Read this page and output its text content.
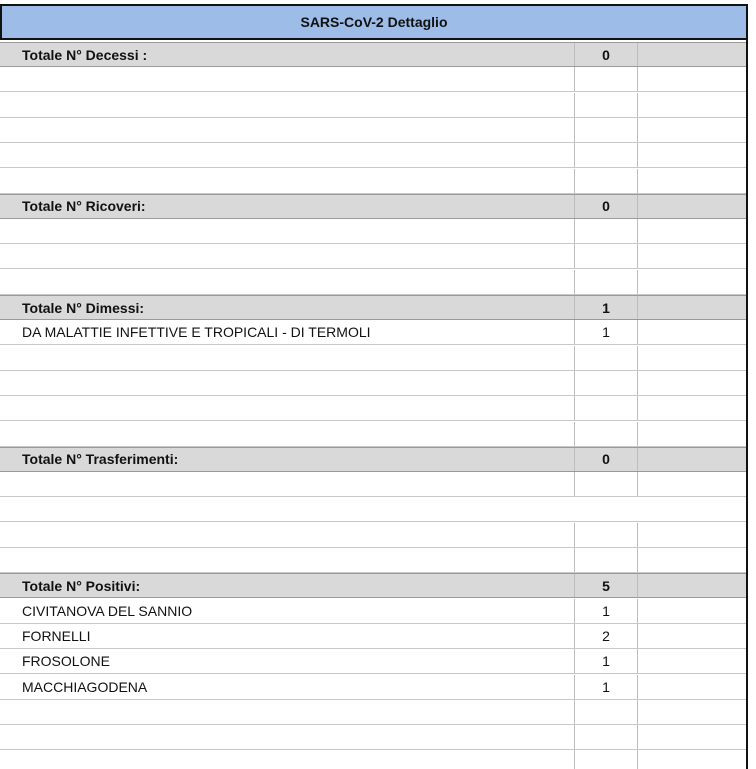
SARS-CoV-2 Dettaglio
Totale N° Decessi :	0
Totale N° Ricoveri:	0
Totale N° Dimessi:	1
DA MALATTIE INFETTIVE E TROPICALI - DI TERMOLI	1
Totale N° Trasferimenti:	0
Totale N° Positivi:	5
CIVITANOVA DEL SANNIO	1
FORNELLI	2
FROSOLONE	1
MACCHIAGODENA	1
